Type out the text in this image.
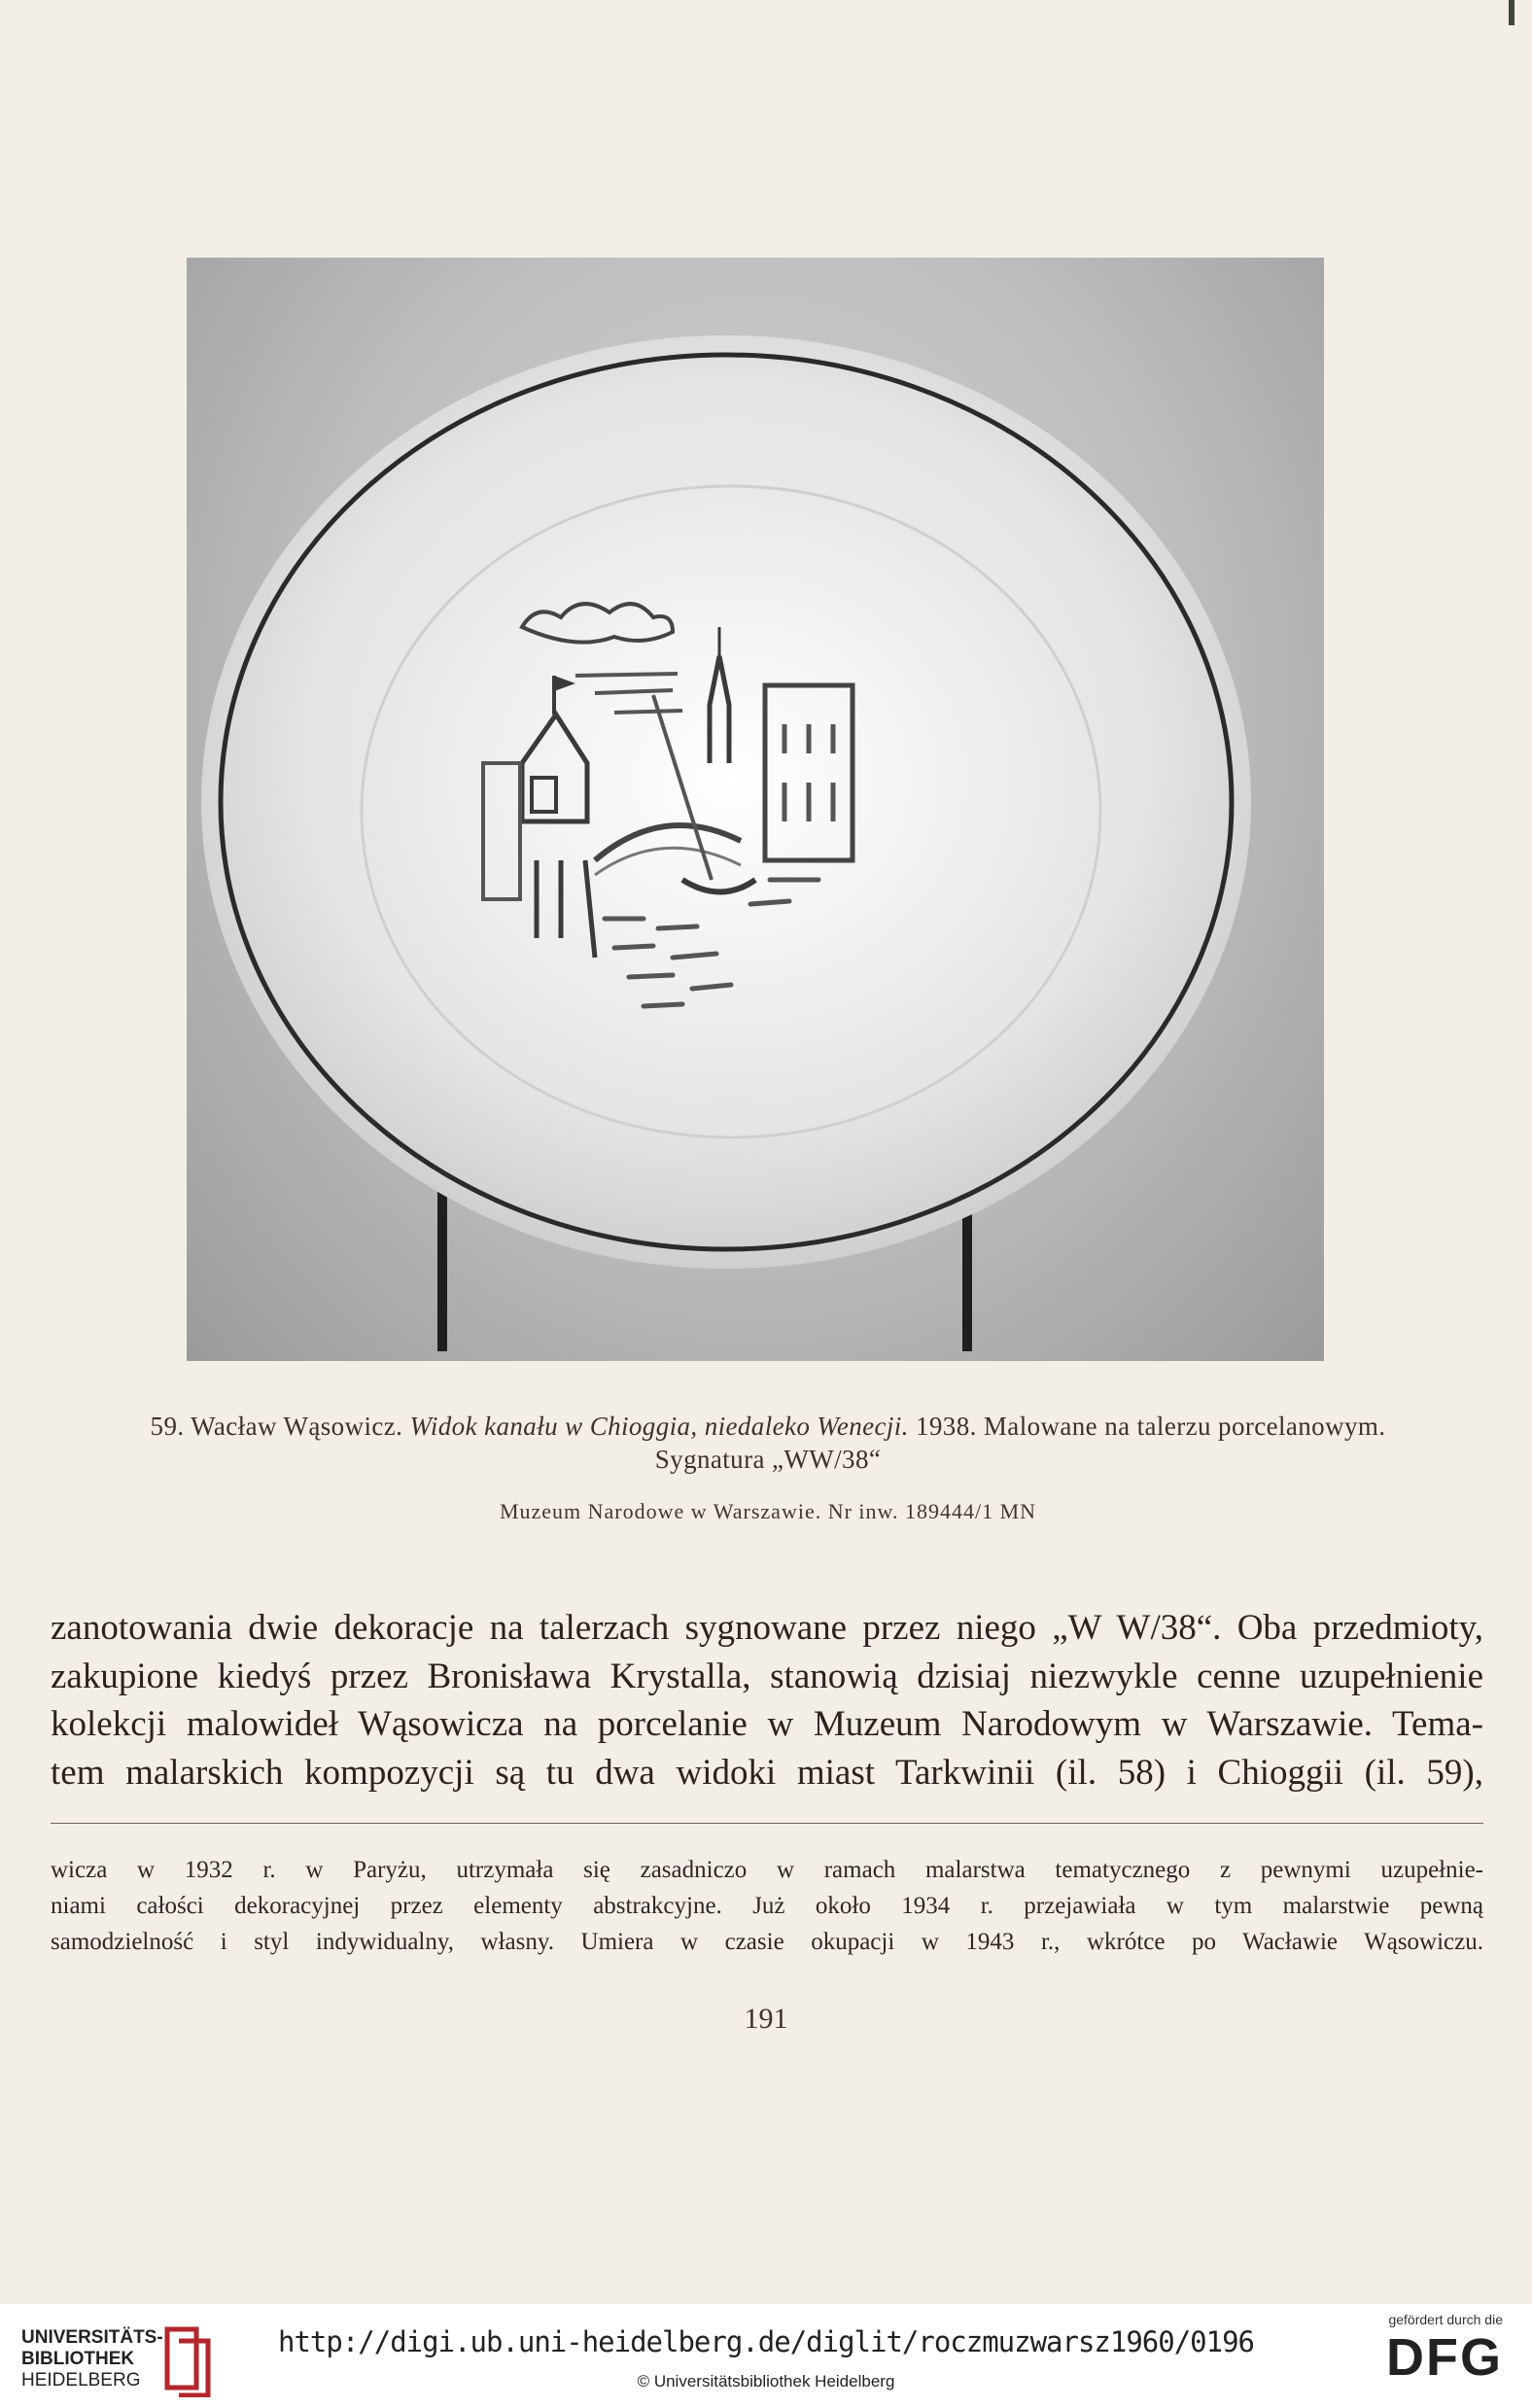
59. Wacław Wąsowicz. Widok kanału w Chioggia, niedaleko Wenecji. 1938. Malowane na talerzu porcelanowym.
Sygnatura „WW/38“
Muzeum Narodowe w Warszawie. Nr inw. 189444/1 MN
zanotowania dwie dekoracje na talerzach sygnowane przez niego „W W/38“. Oba przedmioty,
zakupione kiedyś przez Bronisława Krystalla, stanowią dzisiaj niezwykle cenne uzupełnienie
kolekcji malowideł Wąsowicza na porcelanie w Muzeum Narodowym w Warszawie. Tema-
tem malarskich kompozycji są tu dwa widoki miast Tarkwinii (il. 58) i Chioggii (il. 59),
wicza w 1932 r. w Paryżu, utrzymała się zasadniczo w ramach malarstwa tematycznego z pewnymi uzupełnie-
niami całości dekoracyjnej przez elementy abstrakcyjne. Już około 1934 r. przejawiała w tym malarstwie pewną
samodzielność i styl indywidualny, własny. Umiera w czasie okupacji w 1943 r., wkrótce po Wacławie Wąsowiczu.
191
UNIVERSITÄTS-
BIBLIOTHEK
HEIDELBERG
http://digi.ub.uni-heidelberg.de/diglit/roczmuzwarsz1960/0196
© Universitätsbibliothek Heidelberg
gefördert durch die
DFG
